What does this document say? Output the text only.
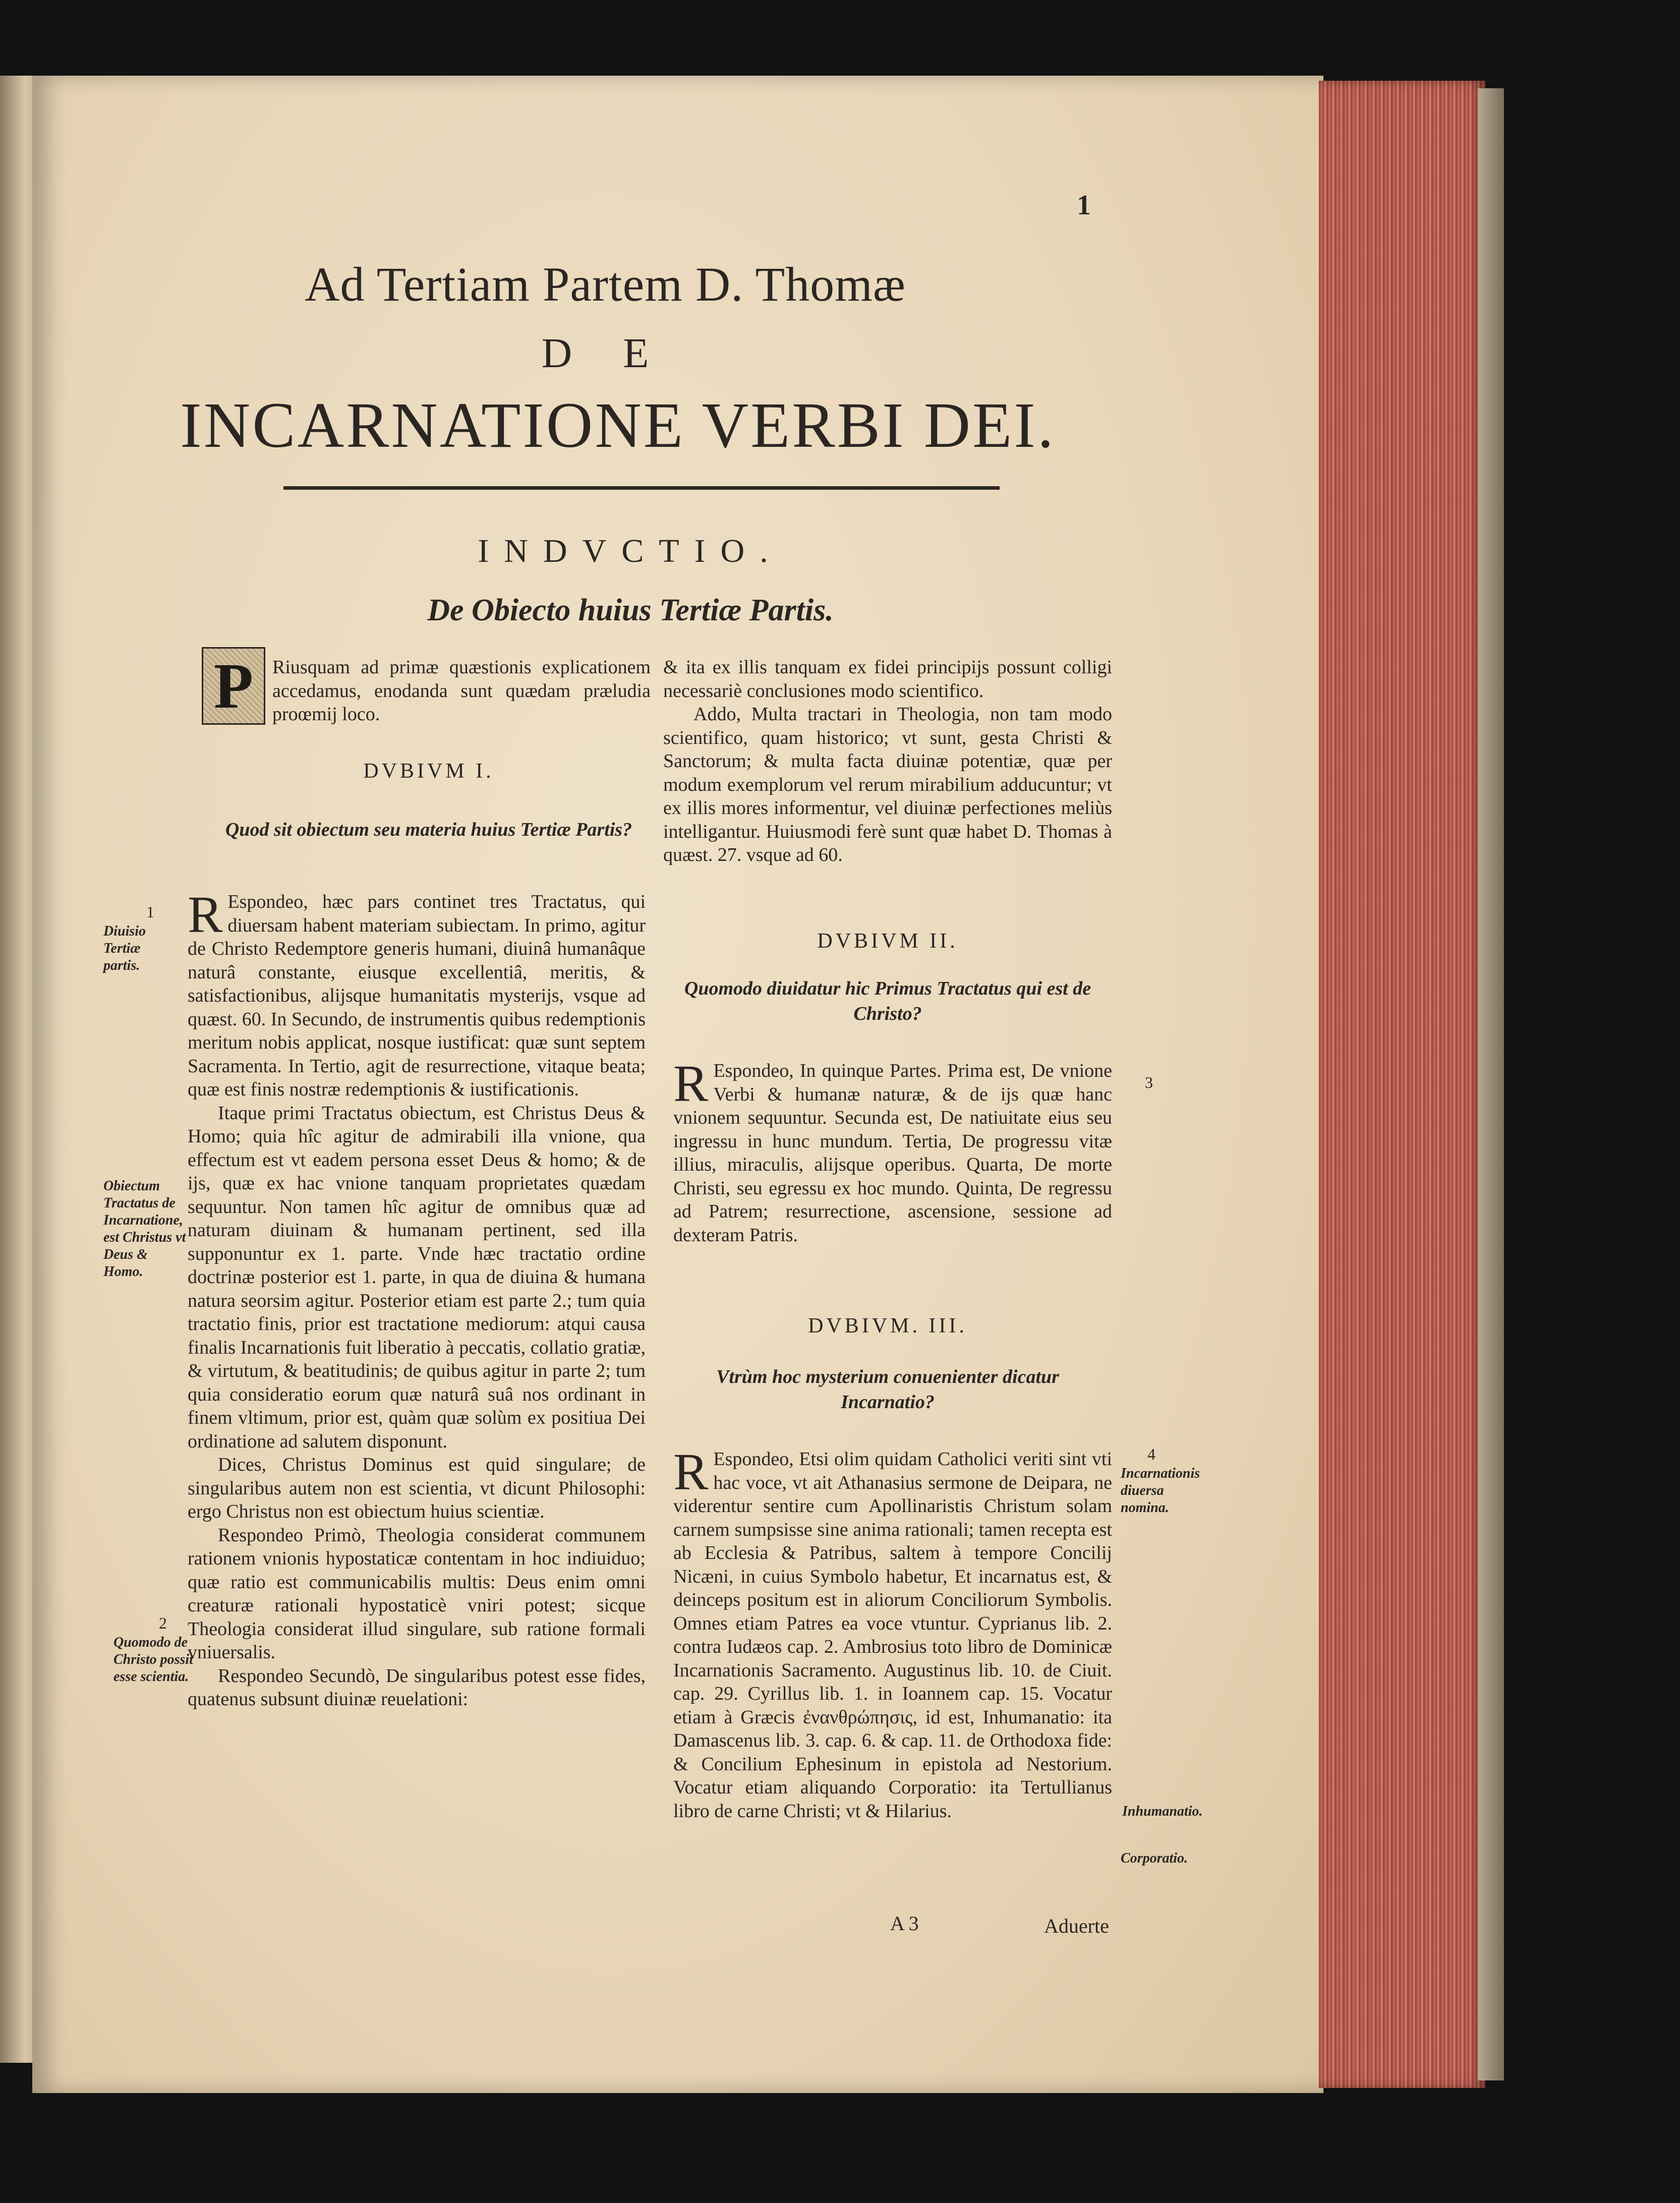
1
Ad Tertiam Partem D. Thomæ
D E
INCARNATIONE VERBI DEI.
INDVCTIO.
De Obiecto huius Tertiæ Partis.
P Riusquam ad primæ quæstionis explicationem accedamus, enodanda sunt quædam præludia proœmij loco.
DVBIVM I.
Quod sit obiectum seu materia huius Tertiæ Partis?

R Espondeo, hæc pars continet tres Tractatus, qui diuersam habent materiam subiectam. In primo, agitur de Christo Redemptore generis humani, diuinâ humanâque naturâ constante, eiusque excellentiâ, meritis, & satisfactionibus, alijsque humanitatis mysterijs, vsque ad quæst. 60. In Secundo, de instrumentis quibus redemptionis meritum nobis applicat, nosque iustificat: quæ sunt septem Sacramenta. In Tertio, agit de resurrectione, vitaque beata; quæ est finis nostræ redemptionis & iustificationis.

Itaque primi Tractatus obiectum, est Christus Deus & Homo; quia hîc agitur de admirabili illa vnione, qua effectum est vt eadem persona esset Deus & homo; & de ijs, quæ ex hac vnione tanquam proprietates quædam sequuntur. Non tamen hîc agitur de omnibus quæ ad naturam diuinam & humanam pertinent, sed illa supponuntur ex 1. parte. Vnde hæc tractatio ordine doctrinæ posterior est 1. parte, in qua de diuina & humana natura seorsim agitur. Posterior etiam est parte 2.; tum quia tractatio finis, prior est tractatione mediorum: atqui causa finalis Incarnationis fuit liberatio à peccatis, collatio gratiæ, & virtutum, & beatitudinis; de quibus agitur in parte 2; tum quia consideratio eorum quæ naturâ suâ nos ordinant in finem vltimum, prior est, quàm quæ solùm ex positiua Dei ordinatione ad salutem disponunt.

Dices, Christus Dominus est quid singulare; de singularibus autem non est scientia, vt dicunt Philosophi: ergo Christus non est obiectum huius scientiæ.

Respondeo Primò, Theologia considerat communem rationem vnionis hypostaticæ contentam in hoc indiuiduo; quæ ratio est communicabilis multis: Deus enim omni creaturæ rationali hypostaticè vniri potest; sicque Theologia considerat illud singulare, sub ratione formali vniuersalis.

Respondeo Secundò, De singularibus potest esse fides, quatenus subsunt diuinæ reuelationi:

& ita ex illis tanquam ex fidei principijs possunt colligi necessariè conclusiones modo scientifico.

Addo, Multa tractari in Theologia, non tam modo scientifico, quam historico; vt sunt, gesta Christi & Sanctorum; & multa facta diuinæ potentiæ, quæ per modum exemplorum vel rerum mirabilium adducuntur; vt ex illis mores informentur, vel diuinæ perfectiones meliùs intelligantur. Huiusmodi ferè sunt quæ habet D. Thomas à quæst. 27. vsque ad 60.

DVBIVM II.
Quomodo diuidatur hic Primus Tractatus qui est de Christo?

R Espondeo, In quinque Partes. Prima est, De vnione Verbi & humanæ naturæ, & de ijs quæ hanc vnionem sequuntur. Secunda est, De natiuitate eius seu ingressu in hunc mundum. Tertia, De progressu vitæ illius, miraculis, alijsque operibus. Quarta, De morte Christi, seu egressu ex hoc mundo. Quinta, De regressu ad Patrem; resurrectione, ascensione, sessione ad dexteram Patris.

DVBIVM. III.
Vtrùm hoc mysterium conuenienter dicatur Incarnatio?

R Espondeo, Etsi olim quidam Catholici veriti sint vti hac voce, vt ait Athanasius sermone de Deipara, ne viderentur sentire cum Apollinaristis Christum solam carnem sumpsisse sine anima rationali; tamen recepta est ab Ecclesia & Patribus, saltem à tempore Concilij Nicæni, in cuius Symbolo habetur, Et incarnatus est, & deinceps positum est in aliorum Conciliorum Symbolis. Omnes etiam Patres ea voce vtuntur. Cyprianus lib. 2. contra Iudæos cap. 2. Ambrosius toto libro de Dominicæ Incarnationis Sacramento. Augustinus lib. 10. de Ciuit. cap. 29. Cyrillus lib. 1. in Ioannem cap. 15. Vocatur etiam à Græcis ἐνανθρώπησις, id est, Inhumanatio: ita Damascenus lib. 3. cap. 6. & cap. 11. de Orthodoxa fide: & Concilium Ephesinum in epistola ad Nestorium. Vocatur etiam aliquando Corporatio: ita Tertullianus libro de carne Christi; vt & Hilarius.

A 3	Aduerte
1
Diuisio Tertiæ partis.
Obiectum Tractatus de Incarnatione, est Christus vt Deus & Homo.
2
Quomodo de Christo possit esse scientia.
3
4
Incarnationis diuersa nomina.
Inhumanatio.
Corporatio.
